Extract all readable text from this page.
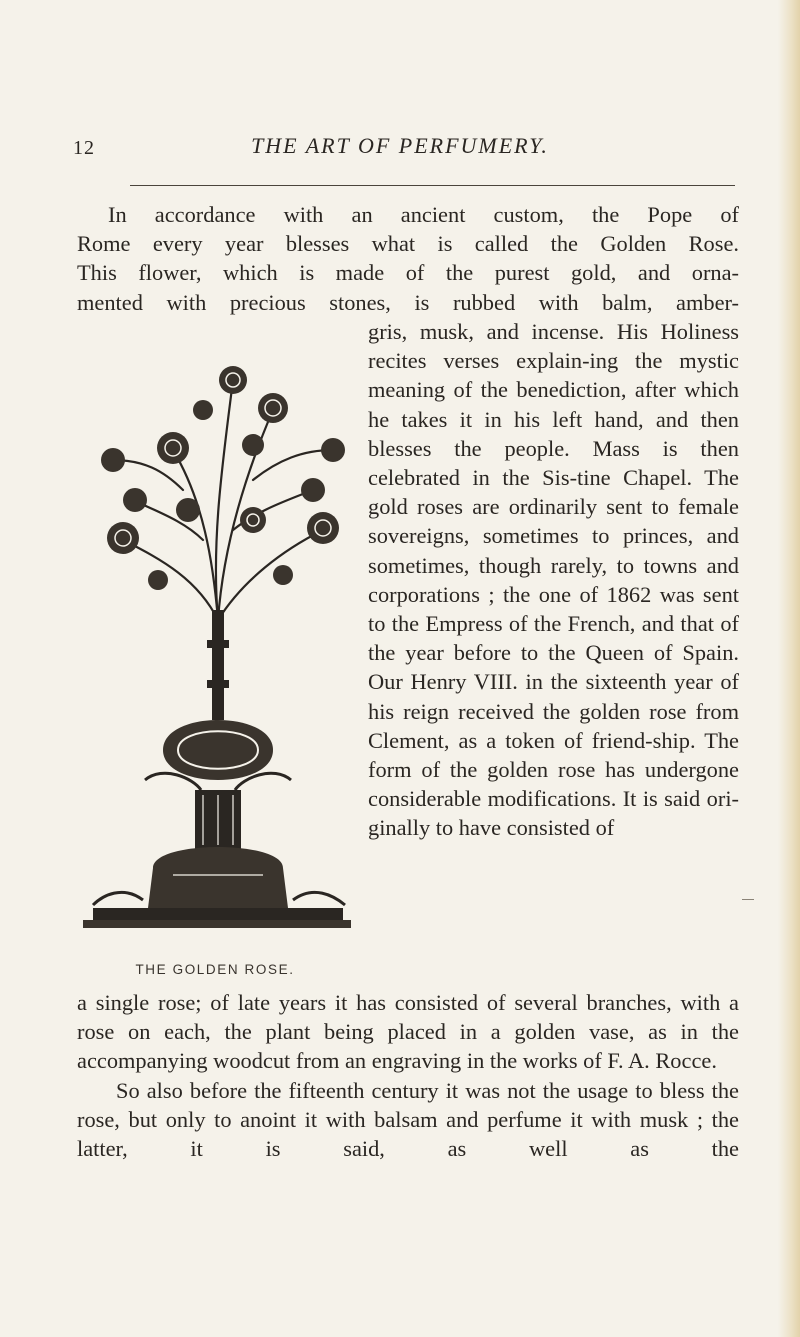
12	THE ART OF PERFUMERY.
In accordance with an ancient custom, the Pope of
Rome every year blesses what is called the Golden Rose.
This flower, which is made of the purest gold, and orna-
mented with precious stones, is rubbed with balm, amber-
THE GOLDEN ROSE.

gris, musk, and incense. His Holiness recites verses explain-ing the mystic meaning of the benediction, after which he takes it in his left hand, and then blesses the people. Mass is then celebrated in the Sis-tine Chapel. The gold roses are ordinarily sent to female sovereigns, sometimes to princes, and sometimes, though rarely, to towns and corporations ; the one of 1862 was sent to the Empress of the French, and that of the year before to the Queen of Spain. Our Henry VIII. in the sixteenth year of his reign received the golden rose from Clement, as a token of friend-ship. The form of the golden rose has undergone considerable modifications. It is said ori-ginally to have consisted of

a single rose; of late years it has consisted of several branches, with a rose on each, the plant being placed in a golden vase, as in the accompanying woodcut from an engraving in the works of F. A. Rocce.

So also before the fifteenth century it was not the usage to bless the rose, but only to anoint it with balsam and perfume it with musk ; the latter, it is said, as well as the
